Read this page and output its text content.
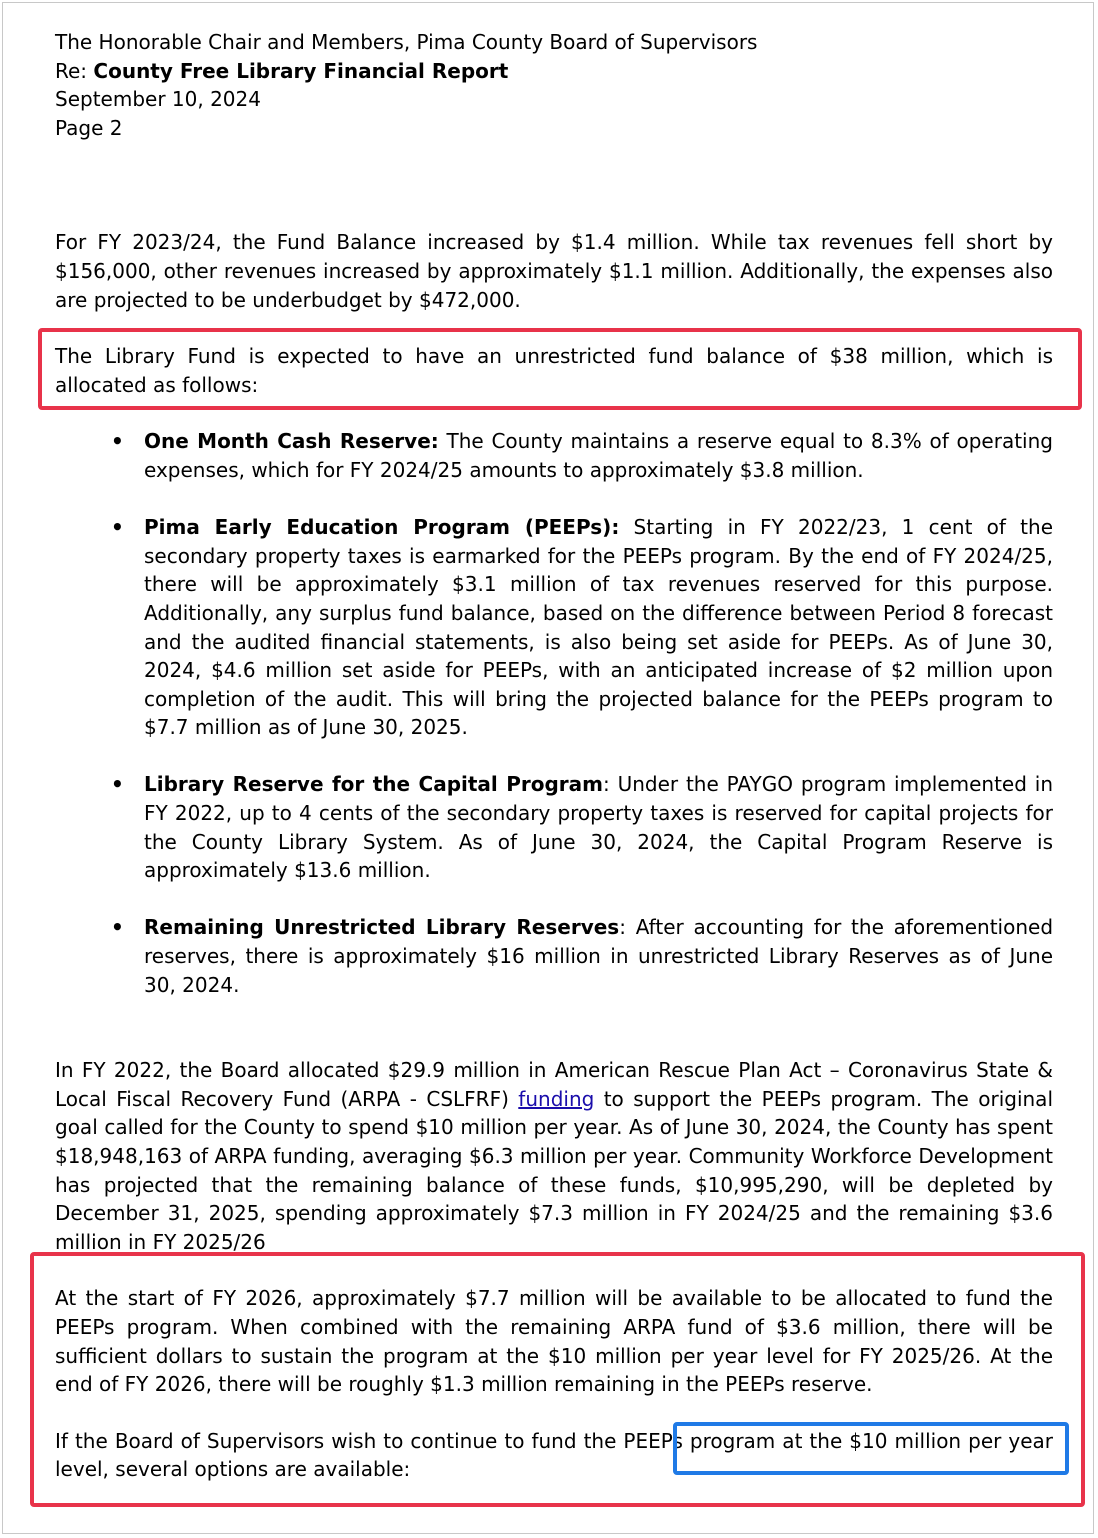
The Honorable Chair and Members, Pima County Board of Supervisors
Re: County Free Library Financial Report
September 10, 2024
Page 2

For FY 2023/24, the Fund Balance increased by $1.4 million. While tax revenues fell short by $156,000, other revenues increased by approximately $1.1 million. Additionally, the expenses also are projected to be underbudget by $472,000.

The Library Fund is expected to have an unrestricted fund balance of $38 million, which is allocated as follows:

• One Month Cash Reserve: The County maintains a reserve equal to 8.3% of operating expenses, which for FY 2024/25 amounts to approximately $3.8 million.

• Pima Early Education Program (PEEPs): Starting in FY 2022/23, 1 cent of the secondary property taxes is earmarked for the PEEPs program. By the end of FY 2024/25, there will be approximately $3.1 million of tax revenues reserved for this purpose. Additionally, any surplus fund balance, based on the difference between Period 8 forecast and the audited financial statements, is also being set aside for PEEPs. As of June 30, 2024, $4.6 million set aside for PEEPs, with an anticipated increase of $2 million upon completion of the audit. This will bring the projected balance for the PEEPs program to $7.7 million as of June 30, 2025.

• Library Reserve for the Capital Program: Under the PAYGO program implemented in FY 2022, up to 4 cents of the secondary property taxes is reserved for capital projects for the County Library System. As of June 30, 2024, the Capital Program Reserve is approximately $13.6 million.

• Remaining Unrestricted Library Reserves: After accounting for the aforementioned reserves, there is approximately $16 million in unrestricted Library Reserves as of June 30, 2024.

In FY 2022, the Board allocated $29.9 million in American Rescue Plan Act – Coronavirus State & Local Fiscal Recovery Fund (ARPA - CSLFRF) funding to support the PEEPs program. The original goal called for the County to spend $10 million per year. As of June 30, 2024, the County has spent $18,948,163 of ARPA funding, averaging $6.3 million per year. Community Workforce Development has projected that the remaining balance of these funds, $10,995,290, will be depleted by December 31, 2025, spending approximately $7.3 million in FY 2024/25 and the remaining $3.6 million in FY 2025/26

At the start of FY 2026, approximately $7.7 million will be available to be allocated to fund the PEEPs program. When combined with the remaining ARPA fund of $3.6 million, there will be sufficient dollars to sustain the program at the $10 million per year level for FY 2025/26. At the end of FY 2026, there will be roughly $1.3 million remaining in the PEEPs reserve.

If the Board of Supervisors wish to continue to fund the PEEPs program at the $10 million per year level, several options are available:
